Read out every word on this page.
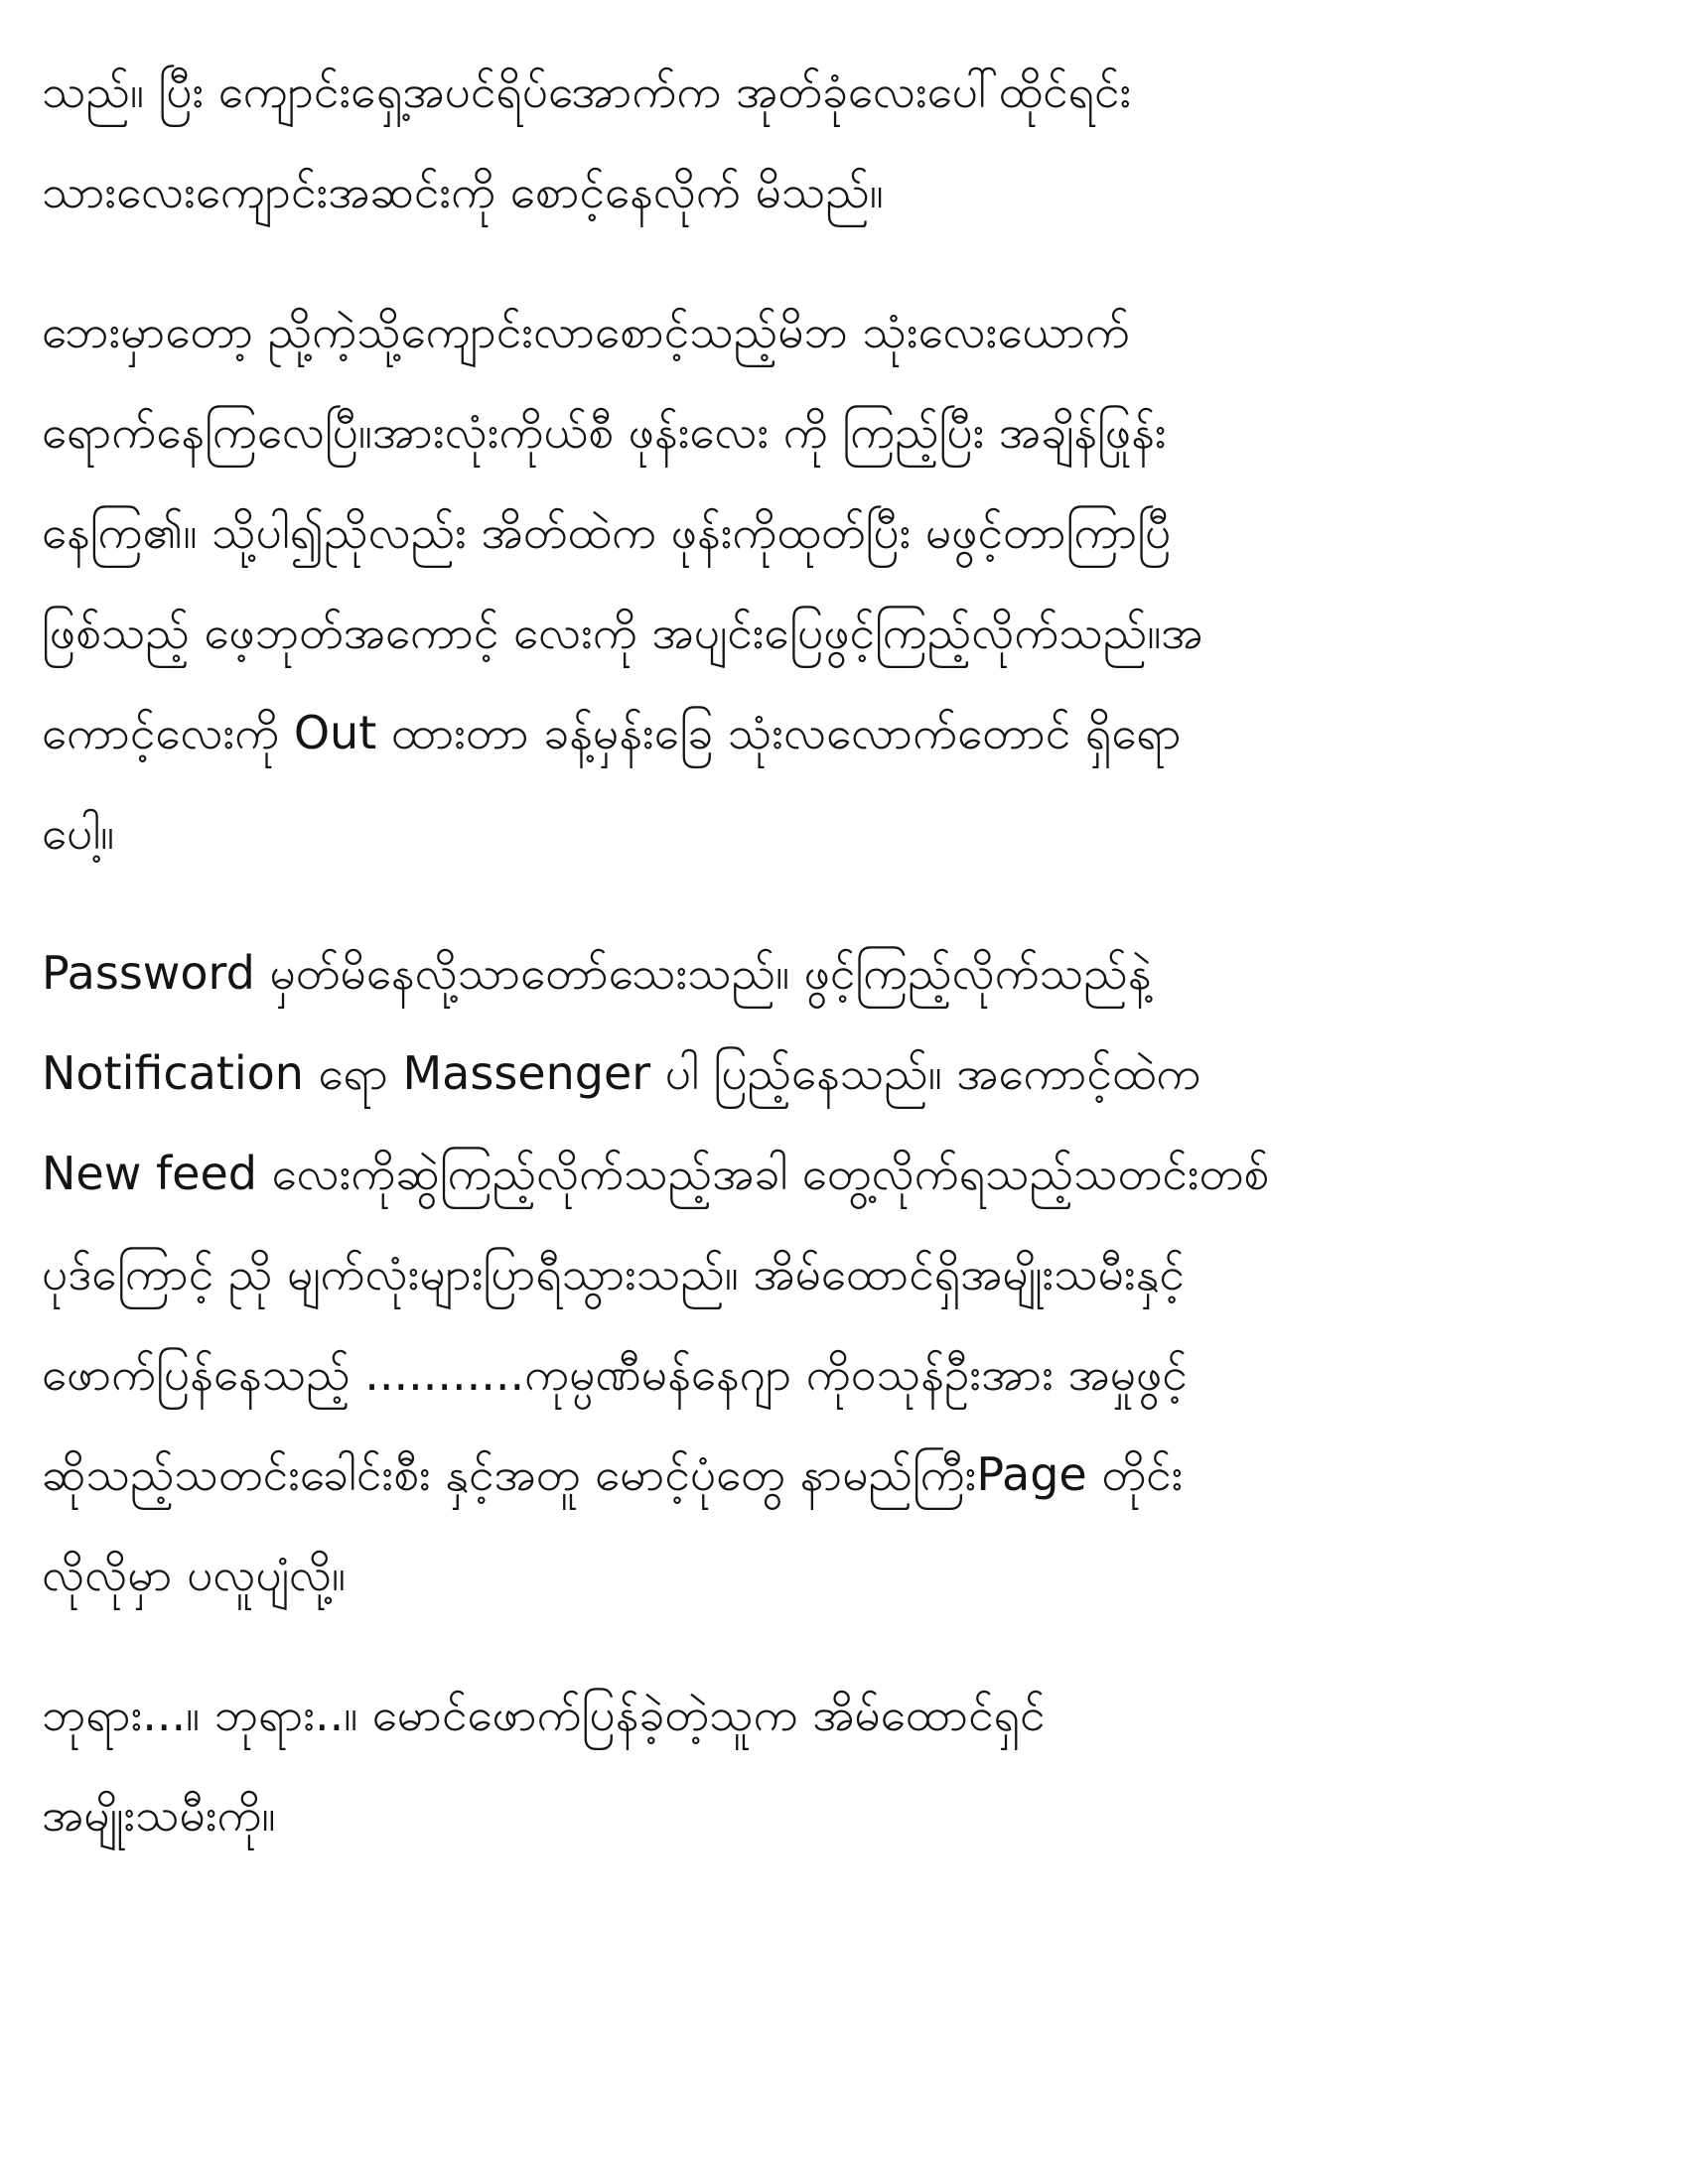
သည်။ ပြီး ကျောင်းရှေ့အပင်ရိပ်အောက်က အုတ်ခုံလေးပေါ်ထိုင်ရင်း
သားလေးကျောင်းအဆင်းကို စောင့်နေလိုက် မိသည်။
ဘေးမှာတော့ ညို့ကဲ့သို့ကျောင်းလာစောင့်သည့်မိဘ သုံးလေးယောက်
ရောက်နေကြလေပြီ။အားလုံးကိုယ်စီ ဖုန်းလေး ကို ကြည့်ပြီး အချိန်ဖြုန်း
နေကြ၏။ သို့ပါ၍ညိုလည်း အိတ်ထဲက ဖုန်းကိုထုတ်ပြီး မဖွင့်တာကြာပြီ
ဖြစ်သည့် ဖေ့ဘုတ်အကောင့် လေးကို အပျင်းပြေဖွင့်ကြည့်လိုက်သည်။အ
ကောင့်လေးကို Out ထားတာ ခန့်မှန်းခြေ သုံးလလောက်တောင် ရှိရော
ပေါ့။
Password မှတ်မိနေလို့သာတော်သေးသည်။ ဖွင့်ကြည့်လိုက်သည်နဲ့
Notification ရော Massenger ပါ ပြည့်နေသည်။ အကောင့်ထဲက
New feed လေးကိုဆွဲကြည့်လိုက်သည့်အခါ တွေ့လိုက်ရသည့်သတင်းတစ်
ပုဒ်ကြောင့် ညို မျက်လုံးများပြာရီသွားသည်။ အိမ်ထောင်ရှိအမျိုးသမီးနှင့်
ဖောက်ပြန်နေသည့် ...........ကုမ္ပဏီမန်နေဂျာ ကိုဝသုန်ဦးအား အမှုဖွင့်
ဆိုသည့်သတင်းခေါင်းစီး နှင့်အတူ မောင့်ပုံတွေ နာမည်ကြီးPage တိုင်း
လိုလိုမှာ ပလူပျံလို့။
ဘုရား...။ ဘုရား..။ မောင်ဖောက်ပြန်ခဲ့တဲ့သူက အိမ်ထောင်ရှင်
အမျိုးသမီးကို။
